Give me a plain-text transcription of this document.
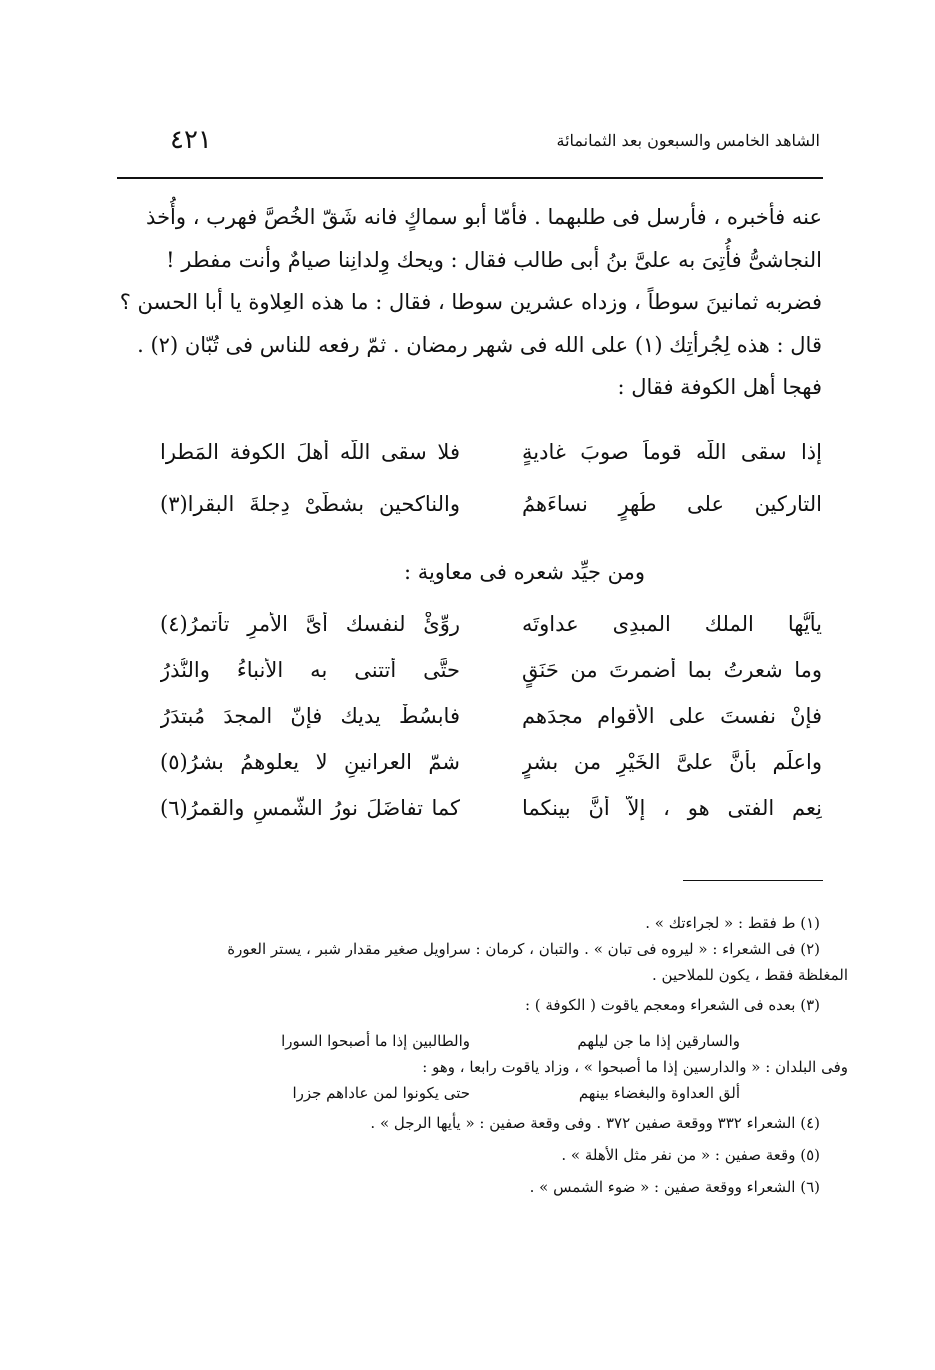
الشاهد الخامس والسبعون بعد الثمانمائة
٤٢١

عنه فأخبره ، فأرسل فى طلبهما . فأمّا أبو سماكٍ فانه شَقّ الخُصَّ فهرب ، وأُخذ

النجاشىُّ فأُتِىَ به علىَّ بنُ أبى طالب فقال : ويحك وِلدانِنا صيامٌ وأنت مفطر !

فضربه ثمانينَ سوطاً ، وزداه عشرين سوطا ، فقال : ما هذه العِلاوة يا أبا الحسن ؟

قال : هذه لِجُرأتِك (١) على الله فى شهر رمضان . ثمّ رفعه للناس فى تُبّان (٢) .

فهجا أهل الكوفة فقال :

إذا سقى اللّه قوماً صوبَ غاديةٍ
فلا سقى اللّه أهلَ الكوفة المَطرا
التاركين على طُهرٍ نساءَهمُ
والناكحين بشطَّىْ دِجلةَ البقرا(٣)
ومن جيِّد شعره فى معاوية :
يأيُّها الملك المبدِى عداوتَه
روِّئْ لنفسك أىَّ الأمرِ تأتمرُ(٤)
وما شعرتُ بما أضمرتَ من حَنَقٍ
حتَّى أتتنى به الأنباءُ والنُّذرُ
فإنْ نفستَ على الأقوام مجدَهم
فابسُطْ يديك فإنّ المجدَ مُبتدَرُ
واعلَم بأنَّ علىَّ الخَيْرِ من بشرٍ
شمّ العرانينِ لا يعلوهمُ بشرُ(٥)
نِعم الفتى هو ، إلاّ أنَّ بينكما
كما تفاضَلَ نورُ الشَّمسِ والقمرُ(٦)

(١) ط فقط : « لجراءتك » .

(٢) فى الشعراء : « ليروه فى تبان » . والتبان ، كرمان : سراويل صغير مقدار شبر ، يستر العورة

المغلظة فقط ، يكون للملاحين .

(٣) بعده فى الشعراء ومعجم ياقوت ( الكوفة ) :

والسارقين إذا ما جن ليلهم
والطالبين إذا ما أصبحوا السورا

وفى البلدان : « والدارسين إذا ما أصبحوا » ، وزاد ياقوت رابعا ، وهو :

ألق العداوة والبغضاء بينهم
حتى يكونوا لمن عاداهم جزرا

(٤) الشعراء ٣٣٢ ووقعة صفين ٣٧٢ . وفى وقعة صفين : « يأيها الرجل » .

(٥) وقعة صفين : « من نفر مثل الأهلة » .

(٦) الشعراء ووقعة صفين : « ضوء الشمس » .
